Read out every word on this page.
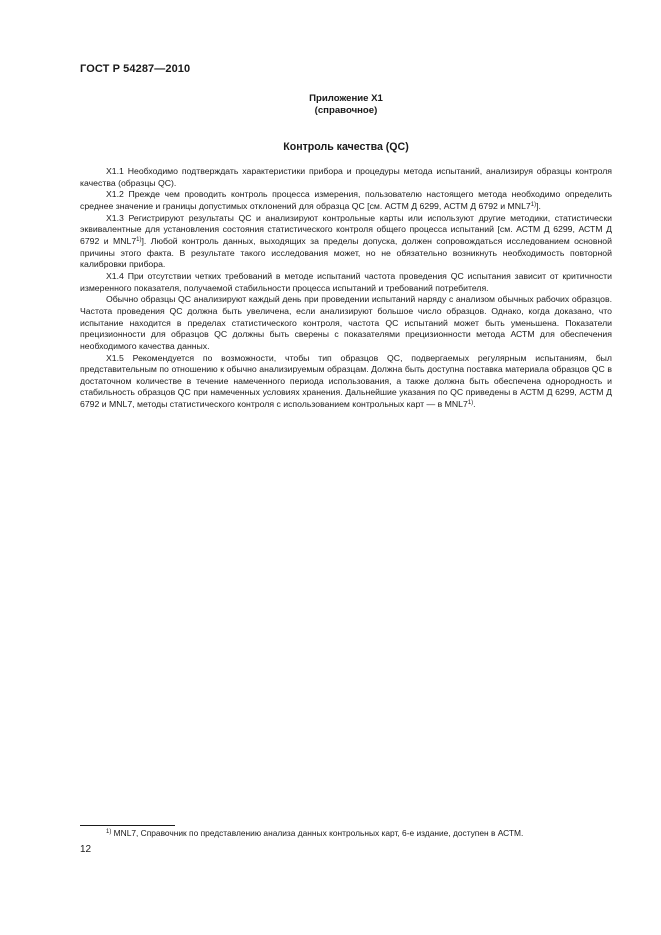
ГОСТ Р 54287—2010
Приложение Х1
(справочное)
Контроль качества (QC)

Х1.1 Необходимо подтверждать характеристики прибора и процедуры метода испытаний, анализируя образцы контроля качества (образцы QC).

Х1.2 Прежде чем проводить контроль процесса измерения, пользователю настоящего метода необходимо определить среднее значение и границы допустимых отклонений для образца QC [см. АСТМ Д 6299, АСТМ Д 6792 и MNL7$^{1)}$].

Х1.3 Регистрируют результаты QC и анализируют контрольные карты или используют другие методики, статистически эквивалентные для установления состояния статистического контроля общего процесса испытаний [см. АСТМ Д 6299, АСТМ Д 6792 и MNL7$^{1)}$]. Любой контроль данных, выходящих за пределы допуска, должен сопровождаться исследованием основной причины этого факта. В результате такого исследования может, но не обязательно возникнуть необходимость повторной калибровки прибора.

Х1.4 При отсутствии четких требований в методе испытаний частота проведения QC испытания зависит от критичности измеренного показателя, получаемой стабильности процесса испытаний и требований потребителя.

Обычно образцы QC анализируют каждый день при проведении испытаний наряду с анализом обычных рабочих образцов. Частота проведения QC должна быть увеличена, если анализируют большое число образцов. Однако, когда доказано, что испытание находится в пределах статистического контроля, частота QC испытаний может быть уменьшена. Показатели прецизионности для образцов QC должны быть сверены с показателями прецизионности метода АСТМ для обеспечения необходимого качества данных.

Х1.5 Рекомендуется по возможности, чтобы тип образцов QC, подвергаемых регулярным испытаниям, был представительным по отношению к обычно анализируемым образцам. Должна быть доступна поставка материала образцов QC в достаточном количестве в течение намеченного периода использования, а также должна быть обеспечена однородность и стабильность образцов QC при намеченных условиях хранения. Дальнейшие указания по QC приведены в АСТМ Д 6299, АСТМ Д 6792 и MNL7, методы статистического контроля с использованием контрольных карт — в MNL7$^{1)}$.

$^{1)}$ MNL7, Справочник по представлению анализа данных контрольных карт, 6-е издание, доступен в АСТМ.
12
